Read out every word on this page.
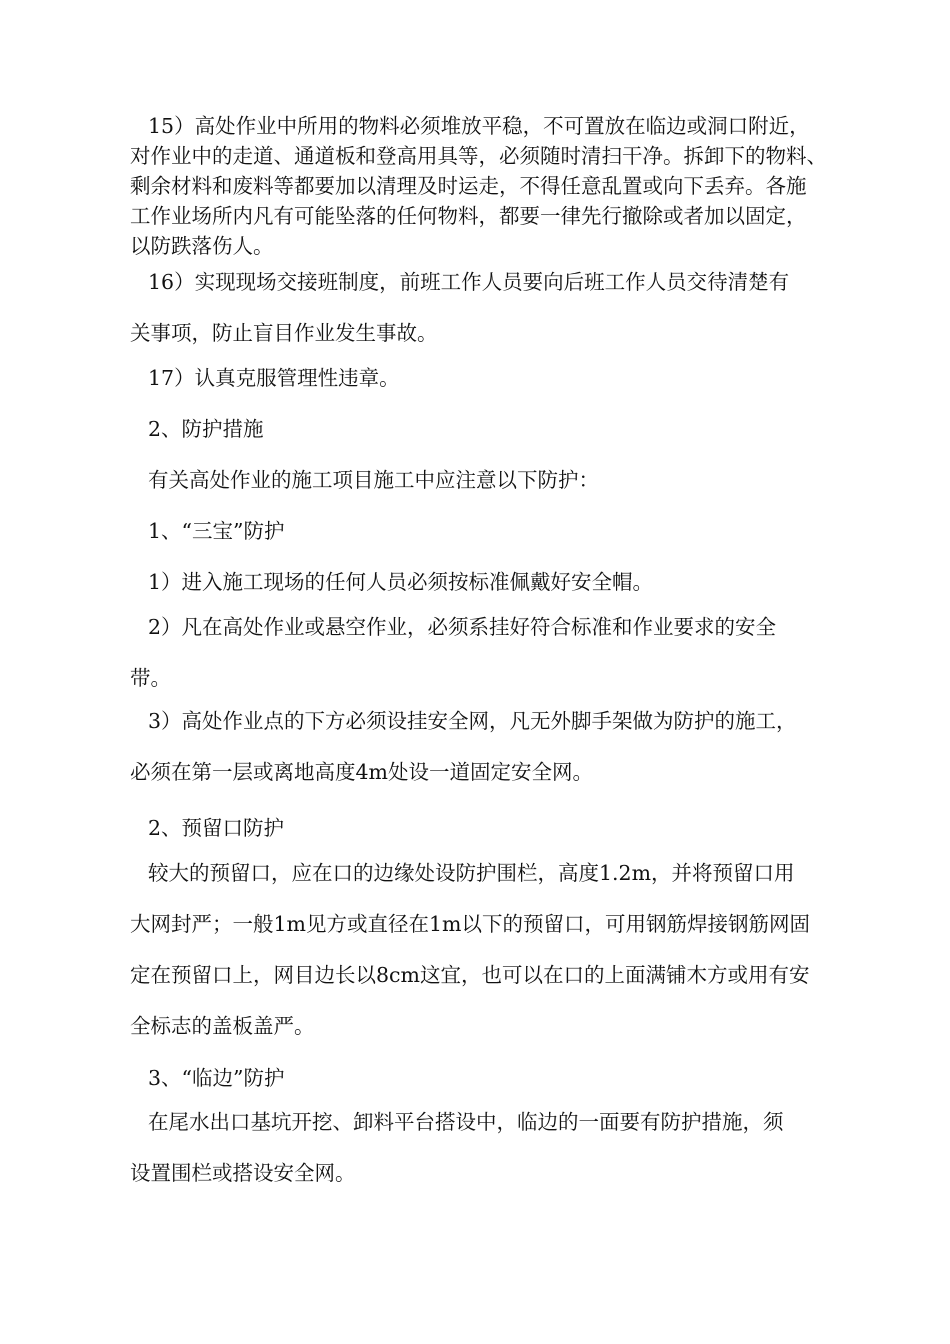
15）高处作业中所用的物料必须堆放平稳，不可置放在临边或洞口附近，
对作业中的走道、通道板和登高用具等，必须随时清扫干净。拆卸下的物料、
剩余材料和废料等都要加以清理及时运走，不得任意乱置或向下丢弃。各施
工作业场所内凡有可能坠落的任何物料，都要一律先行撤除或者加以固定，
以防跌落伤人。
16）实现现场交接班制度，前班工作人员要向后班工作人员交待清楚有
关事项，防止盲目作业发生事故。

17）认真克服管理性违章。

2、防护措施

有关高处作业的施工项目施工中应注意以下防护：

1、“三宝”防护

1）进入施工现场的任何人员必须按标准佩戴好安全帽。

2）凡在高处作业或悬空作业，必须系挂好符合标准和作业要求的安全
带。
3）高处作业点的下方必须设挂安全网，凡无外脚手架做为防护的施工，
必须在第一层或离地高度4m处设一道固定安全网。

2、预留口防护

较大的预留口，应在口的边缘处设防护围栏，高度1.2m，并将预留口用
大网封严；一般1m见方或直径在1m以下的预留口，可用钢筋焊接钢筋网固
定在预留口上，网目边长以8cm这宜，也可以在口的上面满铺木方或用有安
全标志的盖板盖严。

3、“临边”防护

在尾水出口基坑开挖、卸料平台搭设中，临边的一面要有防护措施，须
设置围栏或搭设安全网。
